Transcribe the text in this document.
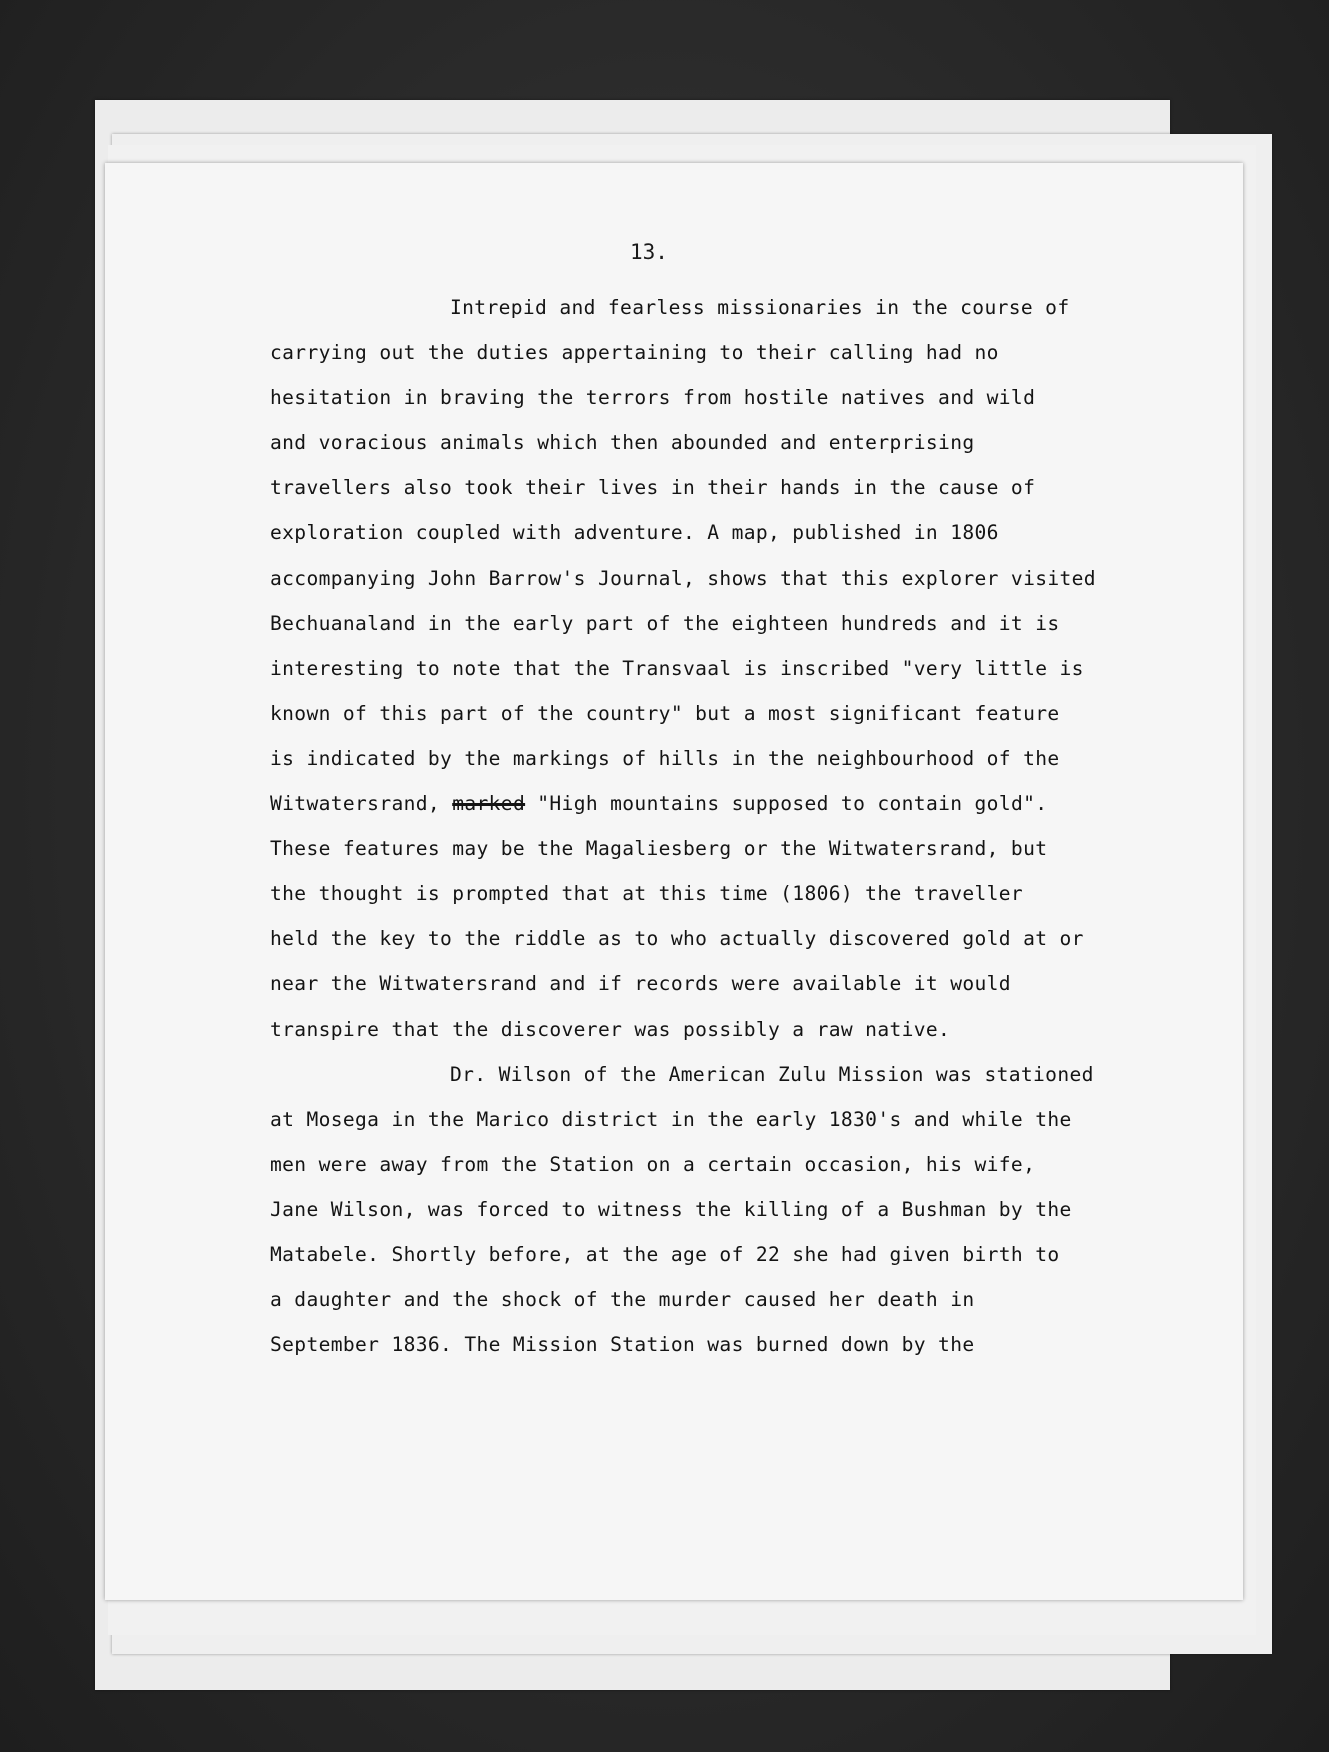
13.
Intrepid and fearless missionaries in the course of
carrying out the duties appertaining to their calling had no
hesitation in braving the terrors from hostile natives and wild
and voracious animals which then abounded and enterprising
travellers also took their lives in their hands in the cause of
exploration coupled with adventure. A map, published in 1806
accompanying John Barrow's Journal, shows that this explorer visited
Bechuanaland in the early part of the eighteen hundreds and it is
interesting to note that the Transvaal is inscribed "very little is
known of this part of the country" but a most significant feature
is indicated by the markings of hills in the neighbourhood of the
Witwatersrand, marked "High mountains supposed to contain gold".
These features may be the Magaliesberg or the Witwatersrand, but
the thought is prompted that at this time (1806) the traveller
held the key to the riddle as to who actually discovered gold at or
near the Witwatersrand and if records were available it would
transpire that the discoverer was possibly a raw native.
Dr. Wilson of the American Zulu Mission was stationed
at Mosega in the Marico district in the early 1830's and while the
men were away from the Station on a certain occasion, his wife,
Jane Wilson, was forced to witness the killing of a Bushman by the
Matabele. Shortly before, at the age of 22 she had given birth to
a daughter and the shock of the murder caused her death in
September 1836. The Mission Station was burned down by the
